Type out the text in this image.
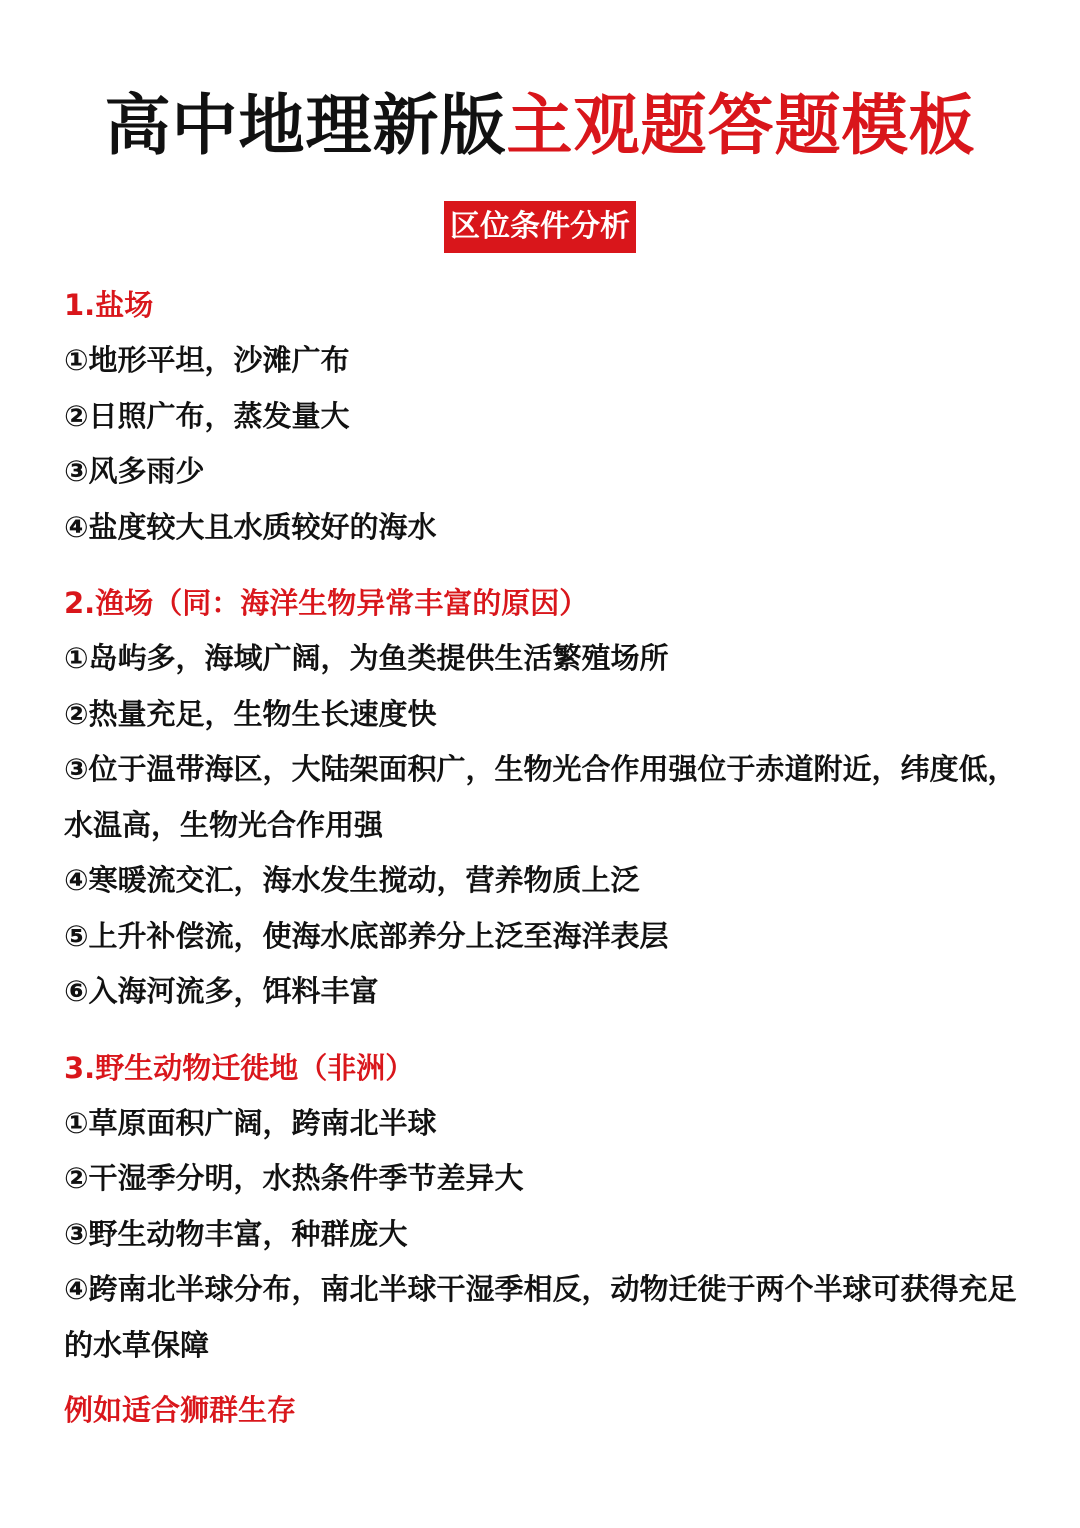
高中地理新版主观题答题模板
区位条件分析
1.盐场
①地形平坦，沙滩广布
②日照广布，蒸发量大
③风多雨少
④盐度较大且水质较好的海水
2.渔场（同：海洋生物异常丰富的原因）
①岛屿多，海域广阔，为鱼类提供生活繁殖场所
②热量充足，生物生长速度快
③位于温带海区，大陆架面积广，生物光合作用强位于赤道附近，纬度低，水温高，生物光合作用强
④寒暖流交汇，海水发生搅动，营养物质上泛
⑤上升补偿流，使海水底部养分上泛至海洋表层
⑥入海河流多，饵料丰富
3.野生动物迁徙地（非洲）
①草原面积广阔，跨南北半球
②干湿季分明，水热条件季节差异大
③野生动物丰富，种群庞大
④跨南北半球分布，南北半球干湿季相反，动物迁徙于两个半球可获得充足的水草保障
例如适合狮群生存
